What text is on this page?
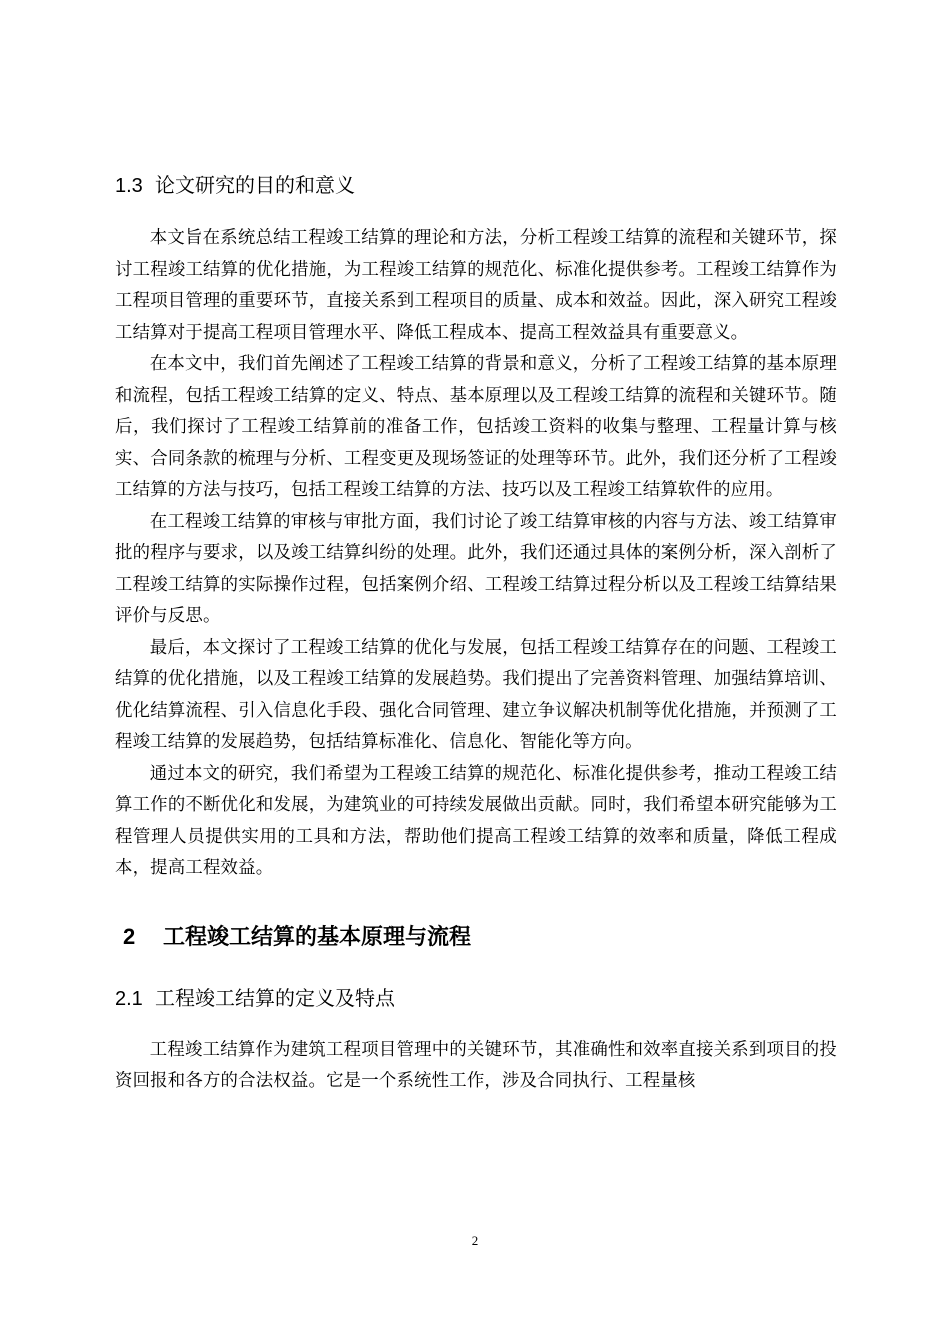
1.3 论文研究的目的和意义

本文旨在系统总结工程竣工结算的理论和方法，分析工程竣工结算的流程和关键环节，探讨工程竣工结算的优化措施，为工程竣工结算的规范化、标准化提供参考。工程竣工结算作为工程项目管理的重要环节，直接关系到工程项目的质量、成本和效益。因此，深入研究工程竣工结算对于提高工程项目管理水平、降低工程成本、提高工程效益具有重要意义。

在本文中，我们首先阐述了工程竣工结算的背景和意义，分析了工程竣工结算的基本原理和流程，包括工程竣工结算的定义、特点、基本原理以及工程竣工结算的流程和关键环节。随后，我们探讨了工程竣工结算前的准备工作，包括竣工资料的收集与整理、工程量计算与核实、合同条款的梳理与分析、工程变更及现场签证的处理等环节。此外，我们还分析了工程竣工结算的方法与技巧，包括工程竣工结算的方法、技巧以及工程竣工结算软件的应用。

在工程竣工结算的审核与审批方面，我们讨论了竣工结算审核的内容与方法、竣工结算审批的程序与要求，以及竣工结算纠纷的处理。此外，我们还通过具体的案例分析，深入剖析了工程竣工结算的实际操作过程，包括案例介绍、工程竣工结算过程分析以及工程竣工结算结果评价与反思。

最后，本文探讨了工程竣工结算的优化与发展，包括工程竣工结算存在的问题、工程竣工结算的优化措施，以及工程竣工结算的发展趋势。我们提出了完善资料管理、加强结算培训、优化结算流程、引入信息化手段、强化合同管理、建立争议解决机制等优化措施，并预测了工程竣工结算的发展趋势，包括结算标准化、信息化、智能化等方向。

通过本文的研究，我们希望为工程竣工结算的规范化、标准化提供参考，推动工程竣工结算工作的不断优化和发展，为建筑业的可持续发展做出贡献。同时，我们希望本研究能够为工程管理人员提供实用的工具和方法，帮助他们提高工程竣工结算的效率和质量，降低工程成本，提高工程效益。

2 工程竣工结算的基本原理与流程
2.1 工程竣工结算的定义及特点

工程竣工结算作为建筑工程项目管理中的关键环节，其准确性和效率直接关系到项目的投资回报和各方的合法权益。它是一个系统性工作，涉及合同执行、工程量核

2
